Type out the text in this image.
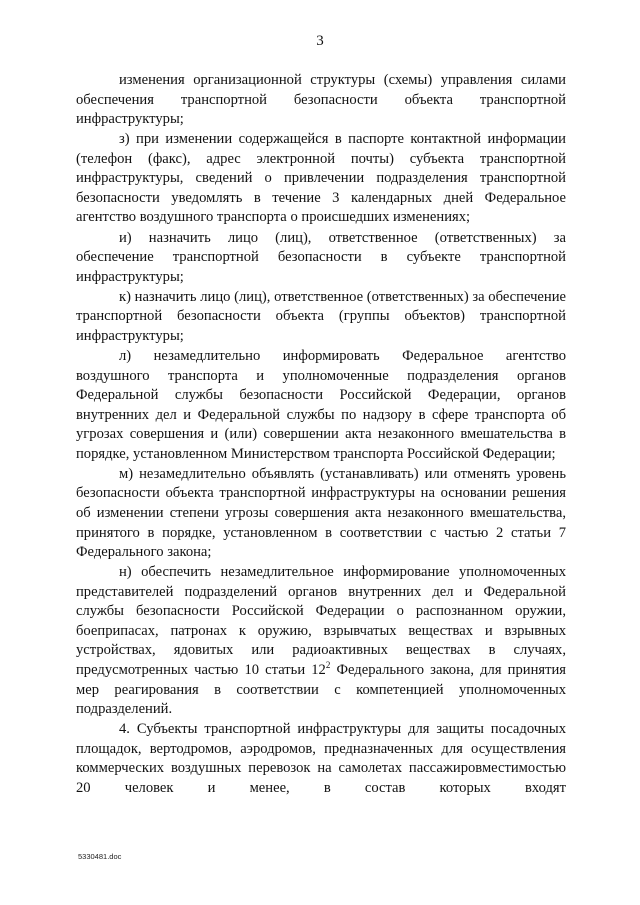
3

изменения организационной структуры (схемы) управления силами обеспечения транспортной безопасности объекта транспортной инфраструктуры;

з) при изменении содержащейся в паспорте контактной информации (телефон (факс), адрес электронной почты) субъекта транспортной инфраструктуры, сведений о привлечении подразделения транспортной безопасности уведомлять в течение 3 календарных дней Федеральное агентство воздушного транспорта о происшедших изменениях;

и) назначить лицо (лиц), ответственное (ответственных) за обеспечение транспортной безопасности в субъекте транспортной инфраструктуры;

к) назначить лицо (лиц), ответственное (ответственных) за обеспечение транспортной безопасности объекта (группы объектов) транспортной инфраструктуры;

л) незамедлительно информировать Федеральное агентство воздушного транспорта и уполномоченные подразделения органов Федеральной службы безопасности Российской Федерации, органов внутренних дел и Федеральной службы по надзору в сфере транспорта об угрозах совершения и (или) совершении акта незаконного вмешательства в порядке, установленном Министерством транспорта Российской Федерации;

м) незамедлительно объявлять (устанавливать) или отменять уровень безопасности объекта транспортной инфраструктуры на основании решения об изменении степени угрозы совершения акта незаконного вмешательства, принятого в порядке, установленном в соответствии с частью 2 статьи 7 Федерального закона;

н) обеспечить незамедлительное информирование уполномоченных представителей подразделений органов внутренних дел и Федеральной службы безопасности Российской Федерации о распознанном оружии, боеприпасах, патронах к оружию, взрывчатых веществах и взрывных устройствах, ядовитых или радиоактивных веществах в случаях, предусмотренных частью 10 статьи $12^2$ Федерального закона, для принятия мер реагирования в соответствии с компетенцией уполномоченных подразделений.

4. Субъекты транспортной инфраструктуры для защиты посадочных площадок, вертодромов, аэродромов, предназначенных для осуществления коммерческих воздушных перевозок на самолетах пассажировместимостью 20 человек и менее, в состав которых входят

5330481.doc
